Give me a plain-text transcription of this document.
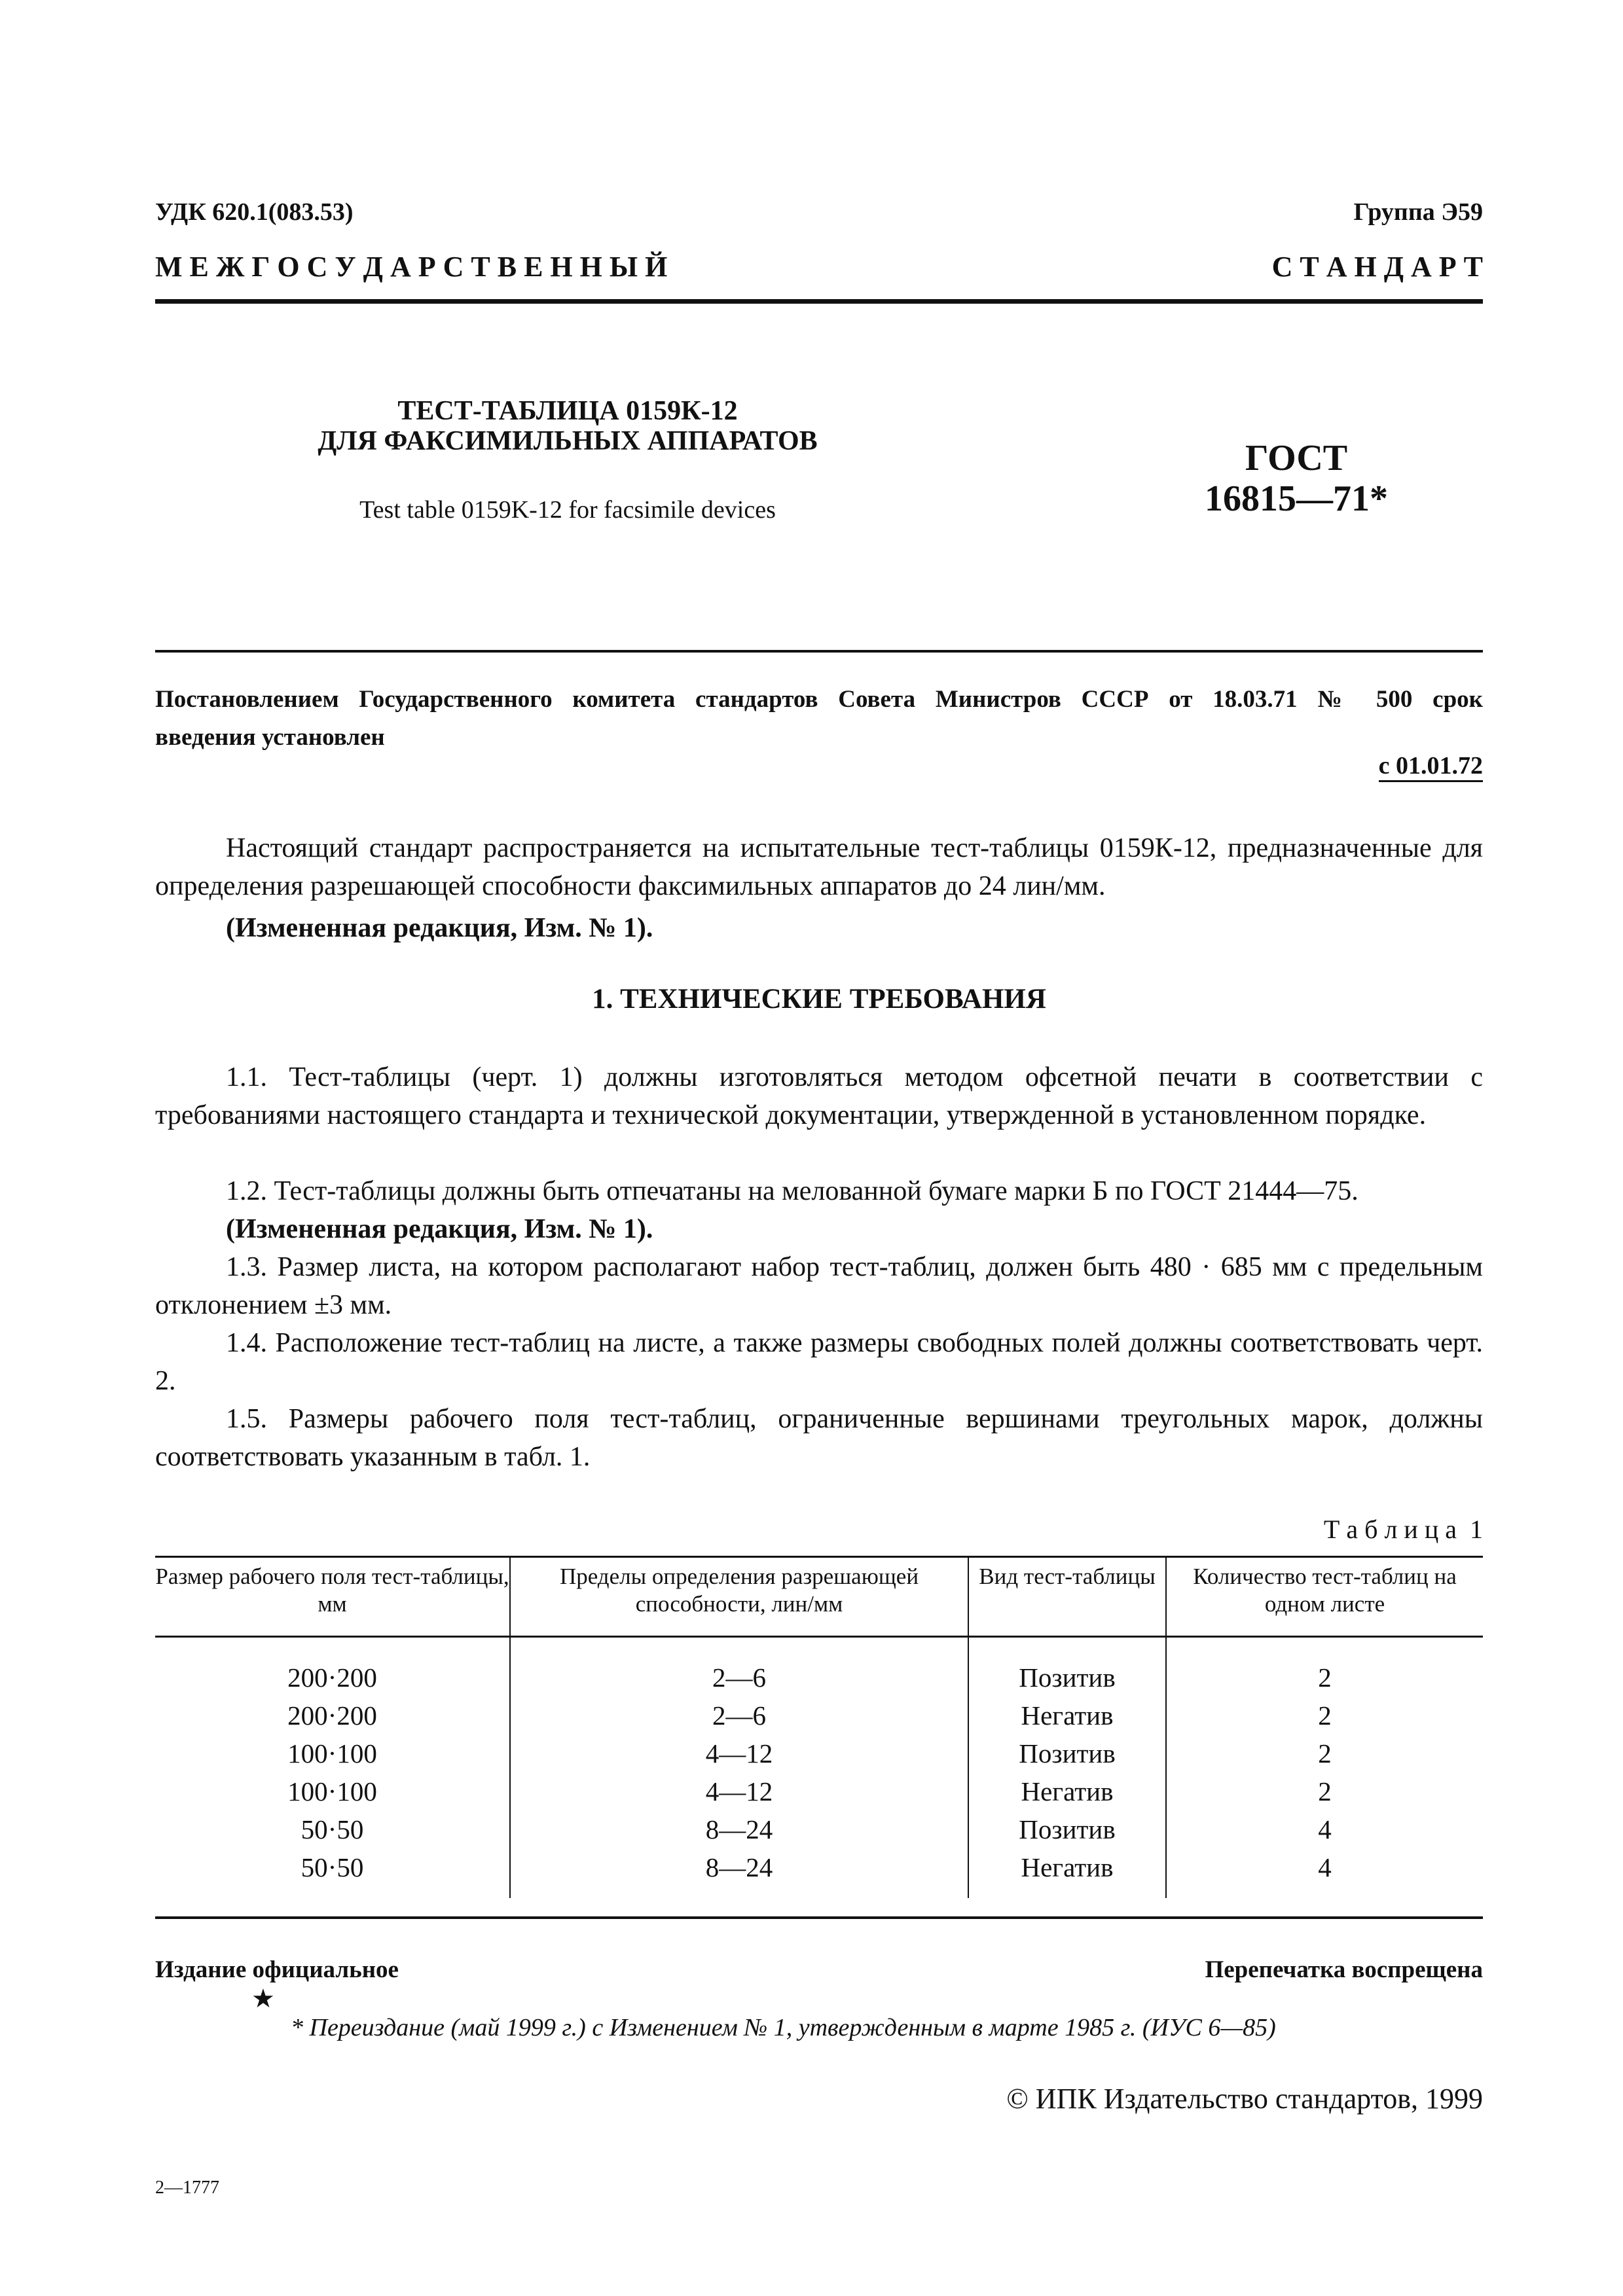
УДК 620.1(083.53)	Группа Э59
М Е Ж Г О С У Д А Р С Т В Е Н Н Ы Й	С Т А Н Д А Р Т
ТЕСТ-ТАБЛИЦА 0159К-12
ДЛЯ ФАКСИМИЛЬНЫХ АППАРАТОВ
Test table 0159K-12 for facsimile devices
ГОСТ
16815—71*
Постановлением Государственного комитета стандартов Совета Министров СССР от 18.03.71 № 500 срок
введения установлен
с 01.01.72
Настоящий стандарт распространяется на испытательные тест-таблицы 0159К-12, предназначенные для определения разрешающей способности факсимильных аппаратов до 24 лин/мм.
(Измененная редакция, Изм. № 1).
1. ТЕХНИЧЕСКИЕ ТРЕБОВАНИЯ
1.1. Тест-таблицы (черт. 1) должны изготовляться методом офсетной печати в соответствии с требованиями настоящего стандарта и технической документации, утвержденной в установленном порядке.
1.2. Тест-таблицы должны быть отпечатаны на мелованной бумаге марки Б по ГОСТ 21444—75.
(Измененная редакция, Изм. № 1).
1.3. Размер листа, на котором располагают набор тест-таблиц, должен быть 480 · 685 мм с предельным отклонением ±3 мм.
1.4. Расположение тест-таблиц на листе, а также размеры свободных полей должны соответствовать черт. 2.
1.5. Размеры рабочего поля тест-таблиц, ограниченные вершинами треугольных марок, должны соответствовать указанным в табл. 1.
Т а б л и ц а  1
Размер рабочего поля тест-таблицы, мм	Пределы определения разрешающей способности, лин/мм	Вид тест-таблицы	Количество тест-таблиц на одном листе
200·200	2—6	Позитив	2
200·200	2—6	Негатив	2
100·100	4—12	Позитив	2
100·100	4—12	Негатив	2
50·50	8—24	Позитив	4
50·50	8—24	Негатив	4
Издание официальное	Перепечатка воспрещена
★
* Переиздание (май 1999 г.) с Изменением № 1, утвержденным в марте 1985 г. (ИУС 6—85)
© ИПК Издательство стандартов, 1999
2—1777
